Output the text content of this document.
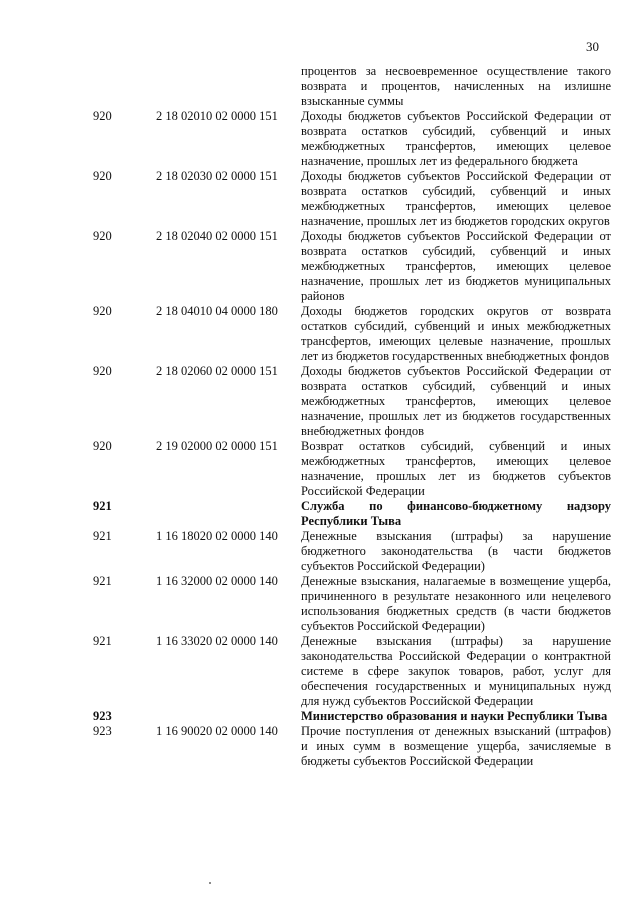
30
процентов за несвоевременное осуществление такого возврата и процентов, начисленных на излишне взысканные суммы
920	2 18 02010 02 0000 151 Доходы бюджетов субъектов Российской Федерации от возврата остатков субсидий, субвенций и иных межбюджетных трансфертов, имеющих целевое назначение, прошлых лет из федерального бюджета
920	2 18 02030 02 0000 151 Доходы бюджетов субъектов Российской Федерации от возврата остатков субсидий, субвенций и иных межбюджетных трансфертов, имеющих целевое назначение, прошлых лет из бюджетов городских округов
920	2 18 02040 02 0000 151 Доходы бюджетов субъектов Российской Федерации от возврата остатков субсидий, субвенций и иных межбюджетных трансфертов, имеющих целевое назначение, прошлых лет из бюджетов муниципальных районов
920	2 18 04010 04 0000 180 Доходы бюджетов городских округов от возврата остатков субсидий, субвенций и иных межбюджетных трансфертов, имеющих целевые назначение, прошлых лет из бюджетов государственных внебюджетных фондов
920	2 18 02060 02 0000 151 Доходы бюджетов субъектов Российской Федерации от возврата остатков субсидий, субвенций и иных межбюджетных трансфертов, имеющих целевое назначение, прошлых лет из бюджетов государственных внебюджетных фондов
920	2 19 02000 02 0000 151 Возврат остатков субсидий, субвенций и иных межбюджетных трансфертов, имеющих целевое назначение, прошлых лет из бюджетов субъектов Российской Федерации
921	Служба по финансово-бюджетному надзору Республики Тыва
921	1 16 18020 02 0000 140 Денежные взыскания (штрафы) за нарушение бюджетного законодательства (в части бюджетов субъектов Российской Федерации)
921	1 16 32000 02 0000 140 Денежные взыскания, налагаемые в возмещение ущерба, причиненного в результате незаконного или нецелевого использования бюджетных средств (в части бюджетов субъектов Российской Федерации)
921	1 16 33020 02 0000 140 Денежные взыскания (штрафы) за нарушение законодательства Российской Федерации о контрактной системе в сфере закупок товаров, работ, услуг для обеспечения государственных и муниципальных нужд для нужд субъектов Российской Федерации
923	Министерство образования и науки Республики Тыва
923	1 16 90020 02 0000 140 Прочие поступления от денежных взысканий (штрафов) и иных сумм в возмещение ущерба, зачисляемые в бюджеты субъектов Российской Федерации
